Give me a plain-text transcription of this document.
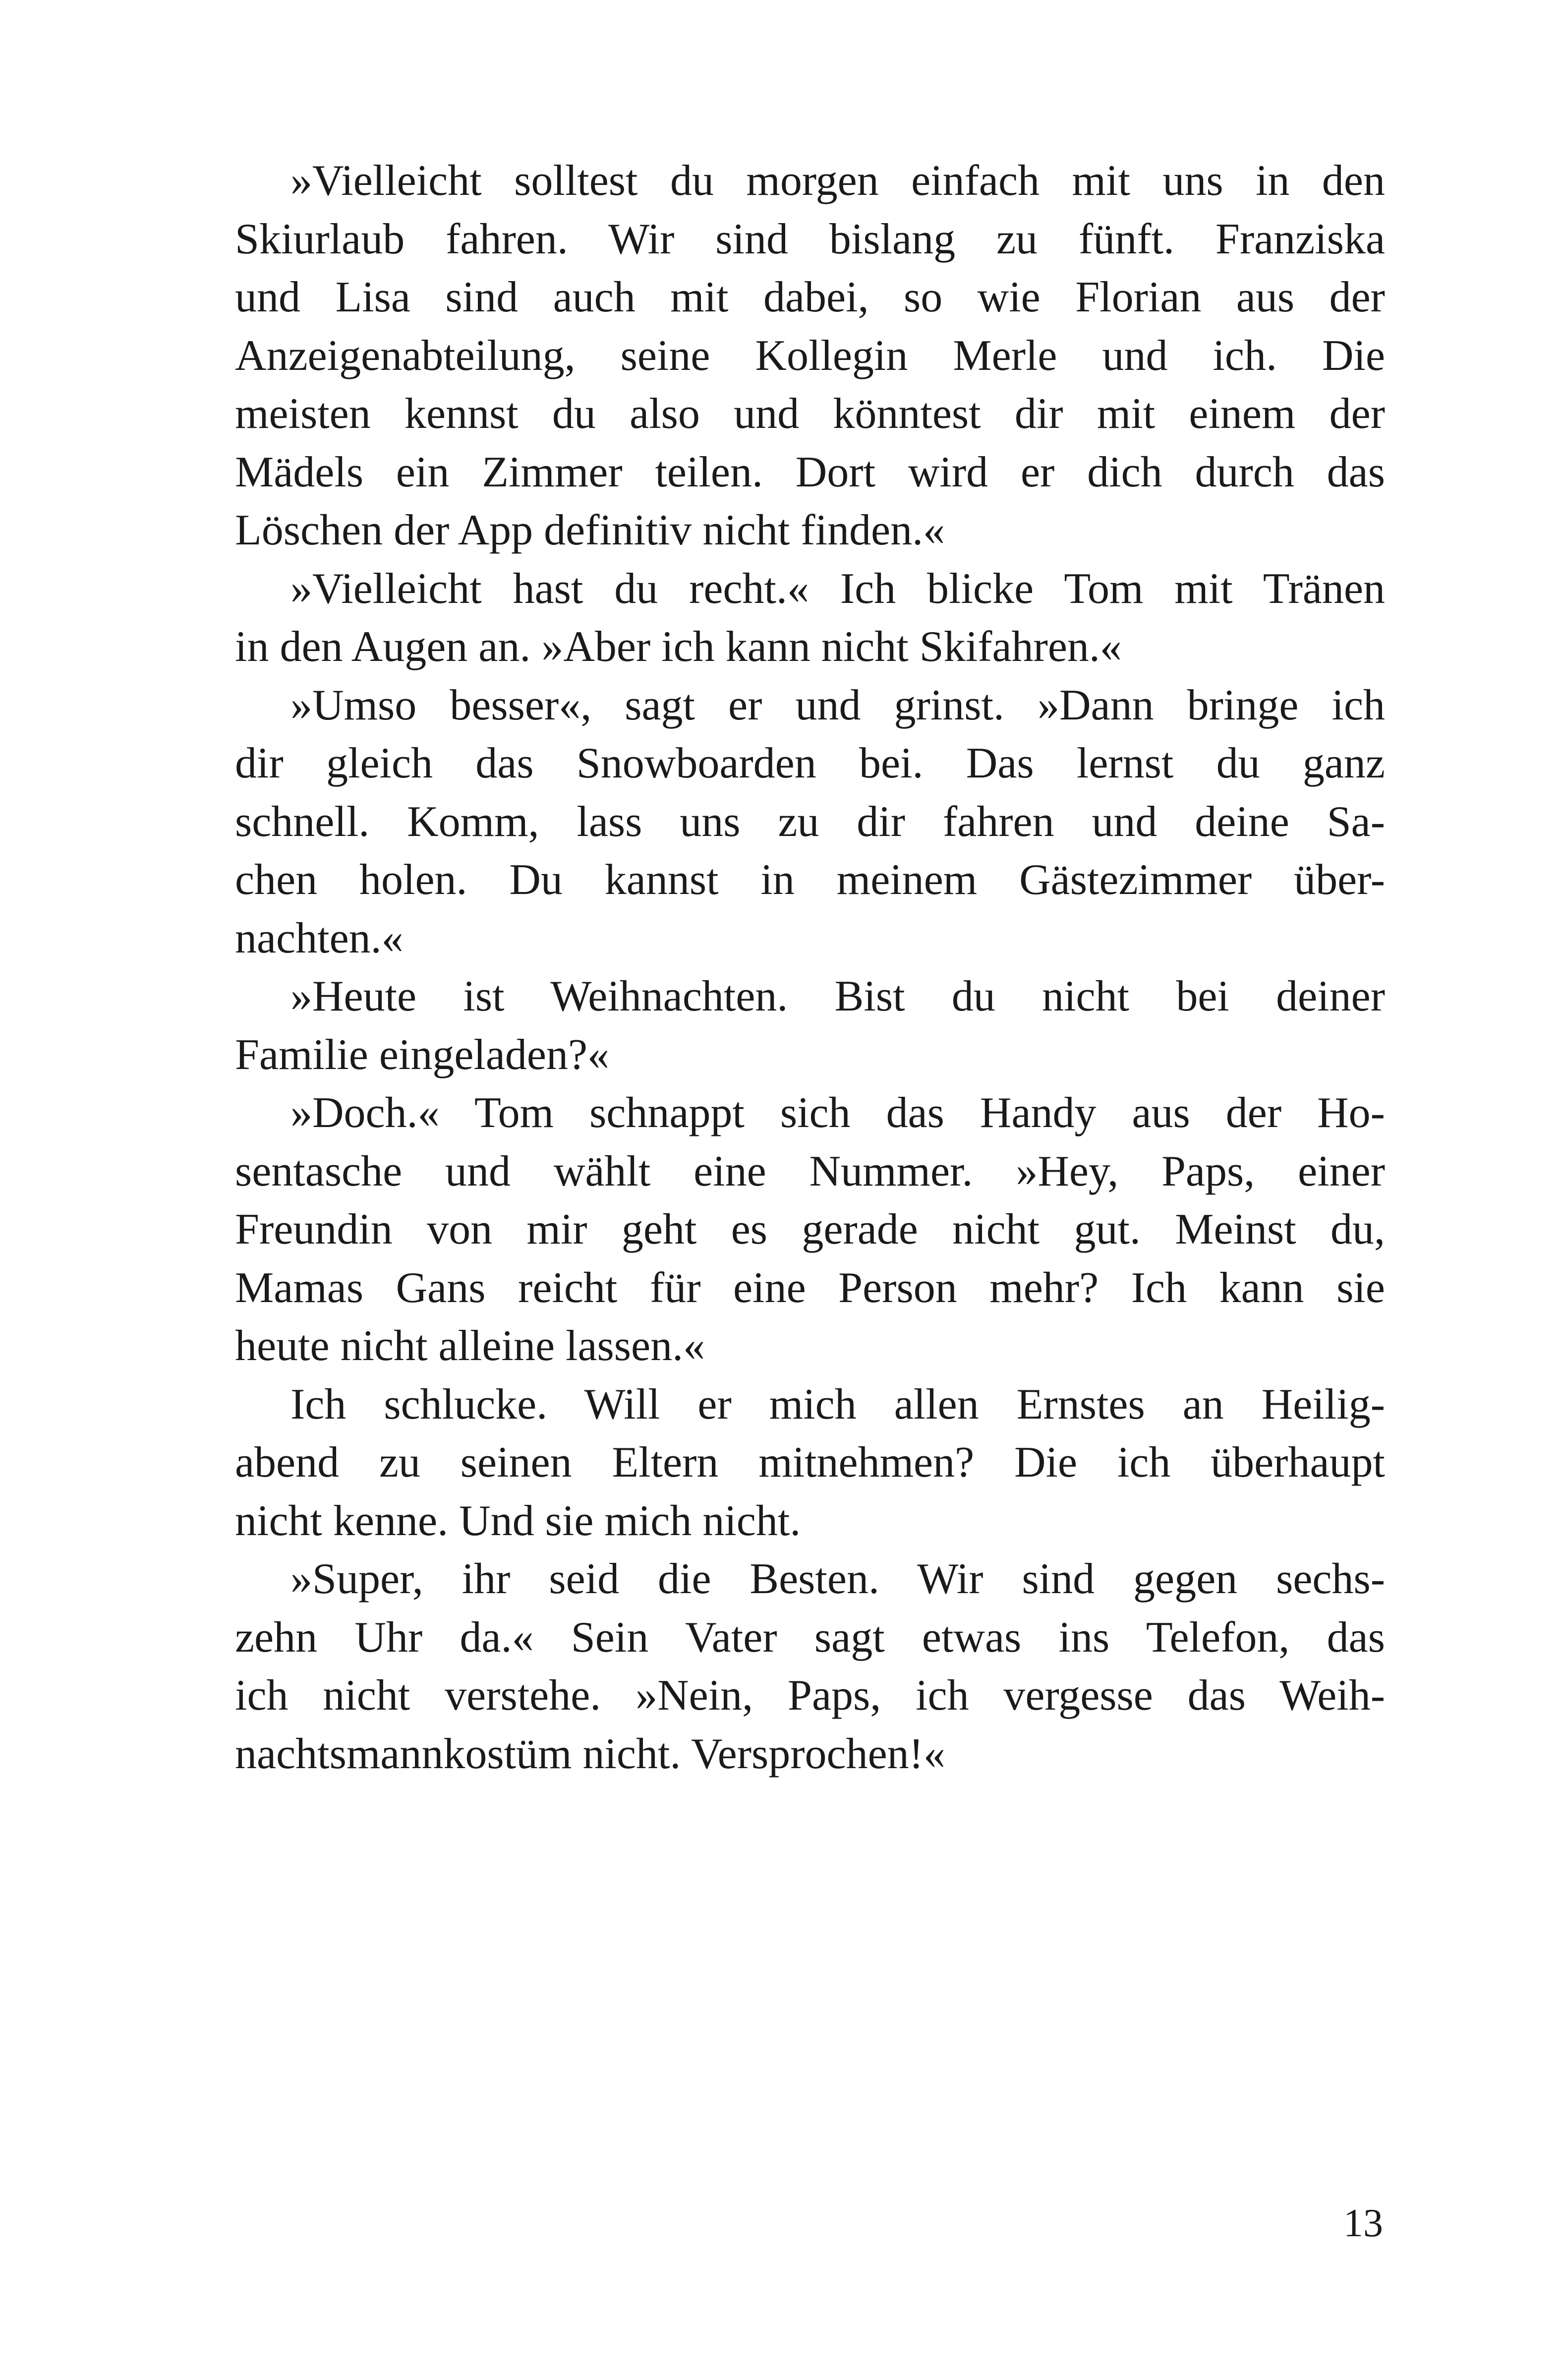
»Vielleicht solltest du morgen einfach mit uns in den
Skiurlaub fahren. Wir sind bislang zu fünft. Franziska
und Lisa sind auch mit dabei, so wie Florian aus der
Anzeigenabteilung, seine Kollegin Merle und ich. Die
meisten kennst du also und könntest dir mit einem der
Mädels ein Zimmer teilen. Dort wird er dich durch das
Löschen der App definitiv nicht finden.«
»Vielleicht hast du recht.« Ich blicke Tom mit Tränen
in den Augen an. »Aber ich kann nicht Skifahren.«
»Umso besser«, sagt er und grinst. »Dann bringe ich
dir gleich das Snowboarden bei. Das lernst du ganz
schnell. Komm, lass uns zu dir fahren und deine Sa-
chen holen. Du kannst in meinem Gästezimmer über-
nachten.«
»Heute ist Weihnachten. Bist du nicht bei deiner
Familie eingeladen?«
»Doch.« Tom schnappt sich das Handy aus der Ho-
sentasche und wählt eine Nummer. »Hey, Paps, einer
Freundin von mir geht es gerade nicht gut. Meinst du,
Mamas Gans reicht für eine Person mehr? Ich kann sie
heute nicht alleine lassen.«
Ich schlucke. Will er mich allen Ernstes an Heilig-
abend zu seinen Eltern mitnehmen? Die ich überhaupt
nicht kenne. Und sie mich nicht.
»Super, ihr seid die Besten. Wir sind gegen sechs-
zehn Uhr da.« Sein Vater sagt etwas ins Telefon, das
ich nicht verstehe. »Nein, Paps, ich vergesse das Weih-
nachtsmannkostüm nicht. Versprochen!«
13
